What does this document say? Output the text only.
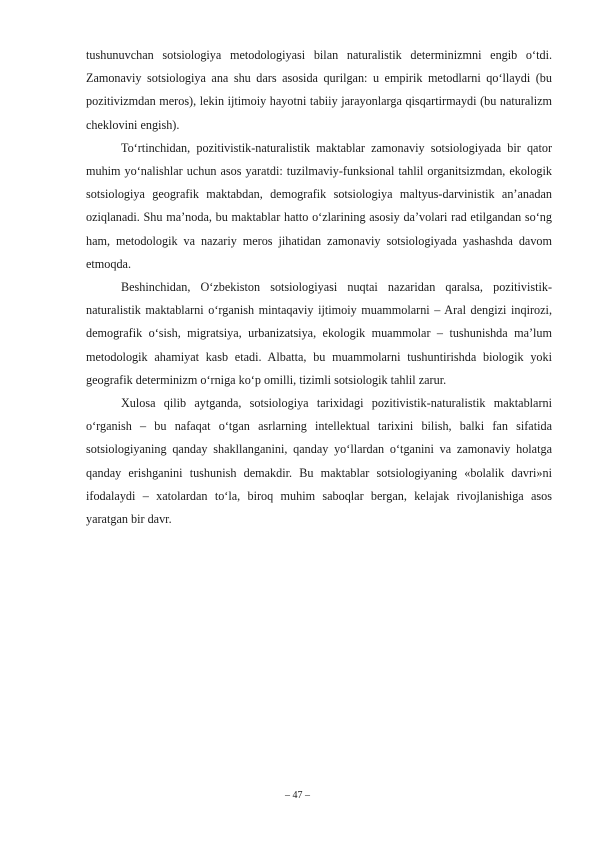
tushunuvchan sotsiologiya metodologiyasi bilan naturalistik determinizmni engib o‘tdi. Zamonaviy sotsiologiya ana shu dars asosida qurilgan: u empirik metodlarni qo‘llaydi (bu pozitivizmdan meros), lekin ijtimoiy hayotni tabiiy jarayonlarga qisqartirmaydi (bu naturalizm cheklovini engish).

To‘rtinchidan, pozitivistik-naturalistik maktablar zamonaviy sotsiologiyada bir qator muhim yo‘nalishlar uchun asos yaratdi: tuzilmaviy-funksional tahlil organitsizmdan, ekologik sotsiologiya geografik maktabdan, demografik sotsiologiya maltyus-darvinistik an’anadan oziqlanadi. Shu ma’noda, bu maktablar hatto o‘zlarining asosiy da’volari rad etilgandan so‘ng ham, metodologik va nazariy meros jihatidan zamonaviy sotsiologiyada yashashda davom etmoqda.

Beshinchidan, O‘zbekiston sotsiologiyasi nuqtai nazaridan qaralsa, pozitivistik-naturalistik maktablarni o‘rganish mintaqaviy ijtimoiy muammolarni – Aral dengizi inqirozi, demografik o‘sish, migratsiya, urbanizatsiya, ekologik muammolar – tushunishda ma’lum metodologik ahamiyat kasb etadi. Albatta, bu muammolarni tushuntirishda biologik yoki geografik determinizm o‘rniga ko‘p omilli, tizimli sotsiologik tahlil zarur.

Xulosa qilib aytganda, sotsiologiya tarixidagi pozitivistik-naturalistik maktablarni o‘rganish – bu nafaqat o‘tgan asrlarning intellektual tarixini bilish, balki fan sifatida sotsiologiyaning qanday shakllanganini, qanday yo‘llardan o‘tganini va zamonaviy holatga qanday erishganini tushunish demakdir. Bu maktablar sotsiologiyaning «bolalik davri»ni ifodalaydi – xatolardan to‘la, biroq muhim saboqlar bergan, kelajak rivojlanishiga asos yaratgan bir davr.

– 47 –
